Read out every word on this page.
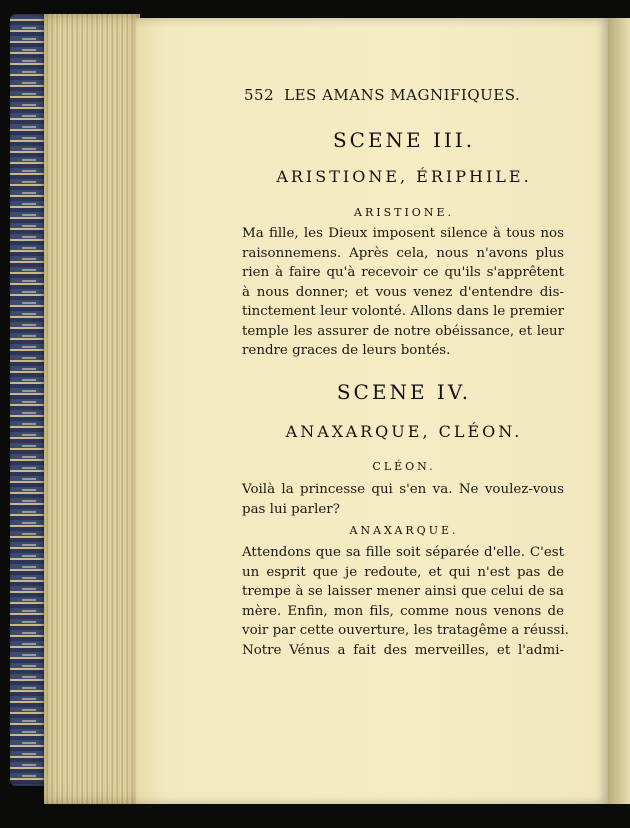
552 LES AMANS MAGNIFIQUES.
SCENE III.
ARISTIONE, ÉRIPHILE.
ARISTIONE.
Ma fille, les Dieux imposent silence à tous nos
raisonnemens. Après cela, nous n'avons plus
rien à faire qu'à recevoir ce qu'ils s'apprêtent
à nous donner; et vous venez d'entendre dis-
tinctement leur volonté. Allons dans le premier
temple les assurer de notre obéissance, et leur
rendre graces de leurs bontés.
SCENE IV.
ANAXARQUE, CLÉON.
CLÉON.
Voilà la princesse qui s'en va. Ne voulez-vous
pas lui parler?
ANAXARQUE.
Attendons que sa fille soit séparée d'elle. C'est
un esprit que je redoute, et qui n'est pas de
trempe à se laisser mener ainsi que celui de sa
mère. Enfin, mon fils, comme nous venons de
voir par cette ouverture, les tratagême a réussi.
Notre Vénus a fait des merveilles, et l'admi-
